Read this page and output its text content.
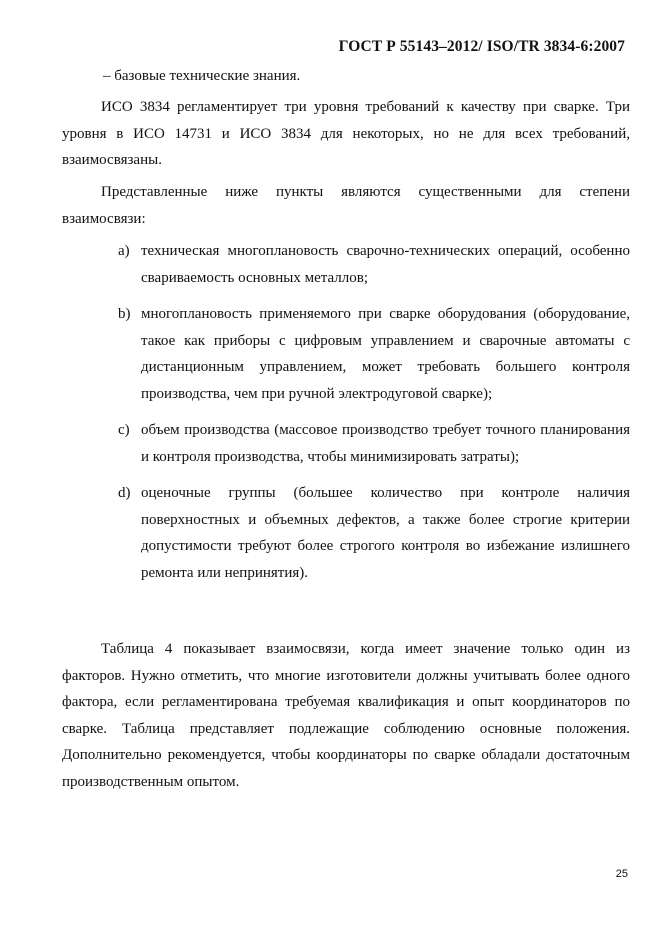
ГОСТ Р 55143–2012/ ISO/TR 3834-6:2007
– базовые технические знания.

ИСО 3834 регламентирует три уровня требований к качеству при сварке. Три уровня в ИСО 14731 и ИСО 3834 для некоторых, но не для всех требований, взаимосвязаны.

Представленные ниже пункты являются существенными для степени взаимосвязи:

a) техническая многоплановость сварочно-технических операций, особенно свариваемость основных металлов;
b) многоплановость применяемого при сварке оборудования (оборудование, такое как приборы с цифровым управлением и сварочные автоматы с дистанционным управлением, может требовать большего контроля производства, чем при ручной электродуговой сварке);
c) объем производства (массовое производство требует точного планирования и контроля производства, чтобы минимизировать затраты);
d) оценочные группы (большее количество при контроле наличия поверхностных и объемных дефектов, а также более строгие критерии допустимости требуют более строгого контроля во избежание излишнего ремонта или непринятия).

Таблица 4 показывает взаимосвязи, когда имеет значение только один из факторов. Нужно отметить, что многие изготовители должны учитывать более одного фактора, если регламентирована требуемая квалификация и опыт координаторов по сварке. Таблица представляет подлежащие соблюдению основные положения. Дополнительно рекомендуется, чтобы координаторы по сварке обладали достаточным производственным опытом.

25
